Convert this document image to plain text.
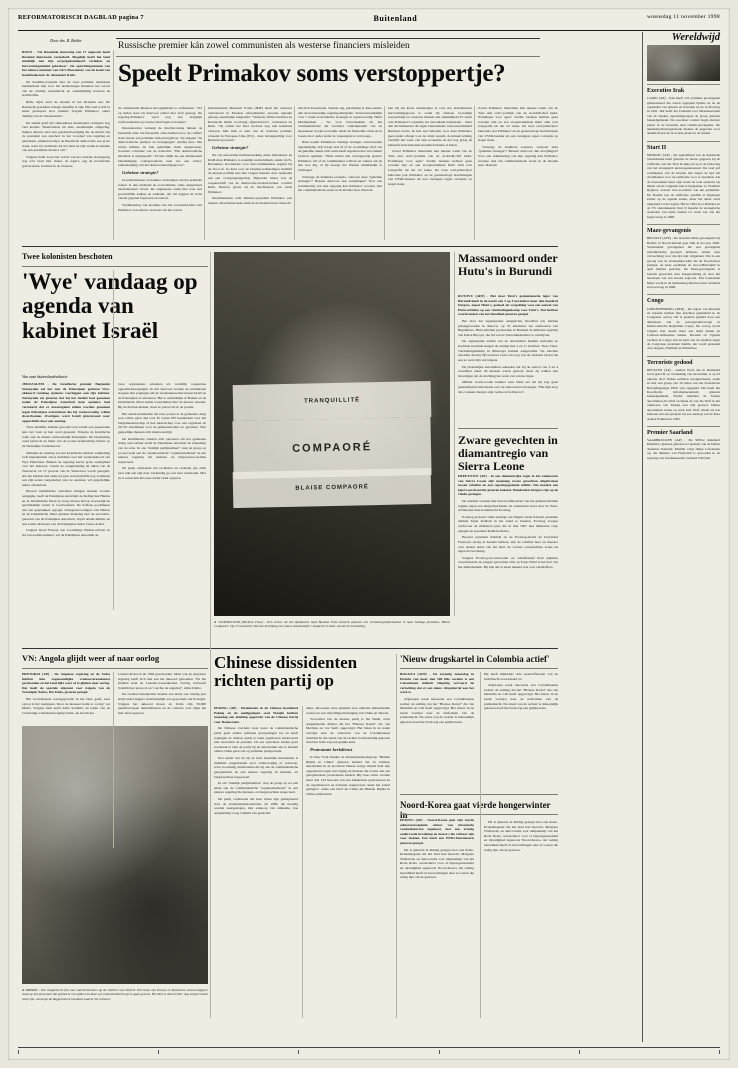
REFORMATORISCH DAGBLAD pagina 7	Buitenland	woensdag 11 november 1998
Wereldwijd
Executies Irak

CAIRO (AP) - Irak heeft 125 politieke gevangenen geëxecuteerd die waren opgepakt tijdens en na de opstanden van sjiieten en Koerden na de Golfoorlog in 1991. Dat heeft het Centrum voor Mensenrechten van de Iraakse oppositiegroepen de groep gisteren bekendgemaakt. De executies vonden begin oktober plaats in de beruchte Abu Ghraib-gevangenis. De mensenrechtenorganisatie maakte de gegevens voor anderhalf jaar nu al in deze plaats in de maand.

Start II

MOSKOU (AP) - De agendafund van de Russische Staatsdoema heeft gisteren de nieuw gegeven bij de ratificatie van het Start II-akkoord voor de behoving van het strategisch kernwapenarsenaal. De raad gaf commissies van de Doema tien dagen de tijd om documenten voor de ratificatie voor te bereiden. Als de doeaoemen klaar zijn, komt de raad opnieuw bij elkaar om de volgende stap te bespreken, zo Vladimir Ryzjkov, zoeven vice-voorzitter van het parlement. De Doema zou de ratificatie opschik al afgelopen zomer op de agenda zetten, maar het debat werd uitgesteld tot het najaar. Het in 1993 door Rusland en de VS ondertekende Start II beperkt de strategische arsenalen van beide landen tot werk van van het begin vloeg in 1996.

Maze-gevangenis

BELFAST (AFP) - De beruchte Maze-gevangenis bij Belfast in Noord-Ierland gaat sluit in het jaar 2000. Verbondend gevangenen die een gevangenis extremistische groepen hebbens, zullen naar verwachting voor die tijd zijn vrijgelaten. Dat is een gevolg van de vredesakkoorden die de Noord-Ierse partijen, de Ierse republiek en Groot-Brittannië in april hebben gesloten. De Maze-gevangenis is berucht geworden door hongerstaking en door het neerslaan van een kwaad zegt-ach. Een boekaande Maze wordt in de herinnering-Nieuwe Ierse wrelkerd in noorwoeg in 1996.

Congo

JOHANNESBURG (RTR) - De legers van Rwanda en Uganda hebben hun krachten gebundeld in de Congolese oorlog. Dit is gisteren gemeld door een ambtenaar van de oorlogszaalbevraagt in Democratische Republiek Congo. De oorlog wordt volgens hier steeds meer een strijd tussen en Centraal-Afrikaanse landen. Rwanda en Uganda vechten in Congo aan de kant van de rebellen tegen de Congolese president Kabila, die wordt gesteund door Angola, Namibië en Zimbabwe.

Terroriste gedood

REUSLEN (AP) - Andrea Wolf, die in Duitsland werd gezocht op verdenking van terrorisme, is op 23 oktober door Turkse soldaten doodgeschoten, nadat ze met een groep van 39 leden van het Koerdische Bevrijdingsleger PKK was opgepakt. Dat heeft het Koerdische Informatiecentrum gisteren bekendgemaakt. Eerder meldden de Turkse autoriteiten dat Wolf en Rusia de van die Wolf in het omdroeve van Turkije zou zijn gedood. Duitse autoriteiten waren op zoek naar Wolf omdat zij zou behoren aan een groepen bij een aanslag van de Rote Armee Fraktion in 1993.

Premier Saarland

SAARBRUCKEN (AP) - De SPD'er Reinhard Klimmt is gisteren gekozen tot premier van de Duitse deelstaat Saarland. Klimmt volgt Oskar Lafontaine op, die minister van Financiën is geworden in de regering van bondskanselier Gerhard Schröder.

Russische premier kán zowel communisten als westerse financiers misleiden
Speelt Primakov soms verstoppertje?
Door drs. R. Belder

BONN - "De financiële instorting van 17 augustus heeft Rusland duurzaam veranderd. Mogelijk heeft het land eindelijk met zijn sovjetgedomineerd verleden- en hervormingsbeleid gebroken". De oprichtingsdatum van het nieuwe nummer van GUS-Barometer, van de hand van hoofdredacteur dr. Alexander Kuhr.

De Kremlin-scenarist met de twee politieke tendensen kenmerkend zijn voor het hedendaagse Rusland: het verval van de centrale staatsmacht en ondermijning bouwen de stachbolfde.

Ridle wijdt eerst de situatie in het Kremlin aan. De Russische president scheept dezelfde is zijn. Het land wordt in zeker grenspoel door premier Jevgeni Primakov, onder duiding van de Staatsdoema".

De analist geeft het onbreekbare maatbeleid overigens nog veel krediet. Weerbarstels uit deze onstuitelijke omgeving, mijnen danwel eerst een gondesbevestiging die de macht van de president zou opschort in het voordeel van regering en parlement, jullieen bewijst de Russische democratie een grote dosis, want bij verblaatst dat het land na zijn verlek in handen van een potentiële dictator valt".

Volgens Kuhr loopt het verval van het centrale staatsgezag nog zo'n vaart niet. Zeker, de regio's, zeg de provinciale gouverneurs, trachten in de brouwer-

de crimineelde Moskou bevoegdheden te ontfutselen. "Tot op heden staat zij daarvoor echter niet sloft genoeg. De regering-Primakov werd nog een dergelijk confrontatiestroog van het land tegen te houden".

Desanierecher verlangt de machtsvolstag binnen de bestemde elite. De financiële clans hebben door de conflict ernst invaar aan politieke invloed ingeboet. Zij slepgen "de democratische partijen en bewegingen" (Kuhr) mee. Die weten immers nu hun geldelijke steun aangewezen. Soortent conclusie van de redacteur: "Het democratische smaldeel is uitgespeeld". Tevens blijkt nu een ministerieel beleidsbegrip contraproductie toen vee een vreter-ondersteuning van het democratiseringsproces".

Geheime strategie?

Grootmoderneur en bankier verdwijnen van het politieke toneel. Is dan niemand de economische crisis aangedaard desandeveure? Jawel. De ongeneeste zoekt hier naar een goodwillfile aanhaz en aanhaler, dat wil zeggen de trobe vetelte gegaren fagoteren en Lukoil.

Verduistering van koolmes van het voorbeeld-tekst van Primakov zon artieve overtoets om het waren.

Internationaal Monetair Fonds (IMF) heeft het westerse vertrouwen in Moskou referentieiche aerostes bepaekt genoeg aanzienlijk aangevuld. "Westerse firma's hebben de Russische markt voorlopig afgeschreven", constateert de Ruhr. "Zij willen het land evenwel nog niet helemaal verloren. Met zulk er eens van de westerse politiek: wissend de Europese Unie (EU) - haar belangstelling voor Rusland opvoeren".

Geheime strategie?

De vrij onzorzame luchtnetwerking onder buitenland- en KGB-man Primakov is nadelijk verdachtmam, stelde GUS-Barometer. Koolsklans voor niet-communistes zegden bij de vloot af. Zo kent voor de Doema-verkiezingen wellicht de meeste politiek niet hun vragen brandes door deelname aan een 'overgangsregering'. Bijzonder bitzes was de wapenschrift van de democratie-wetzels-beheer coalitch Kuhr. Daartoe geven zij de machtssprat van reeds Primakov.

Desaltenminus wint minister-president Primakov een nieuwe advertentieronde sinan in de Doema brein. Daarom

macht in Kwesteren. Stedeer zeg, gelatmatig is daze sterker dan de kortstondige regering-Kirijenko. Verstevenwelkelijk voor 't landt economische stoeiegie te rapresvoerdig. Hetet Marlipoliken - No voor bevordeskien uit het communistische die verdrijve Linlelijandem van de siparekeun Sovjet-economic derde de financiële crisis en in lossen door onder ander de wapensprei te vertrouge...

Ruhr noemt Primakovs handige strategie onverwenden tegenstrijdig. Wij vraagt zich af of de voormalige chef van de geheime dienst zich soms heeft tegelaten met een riskant tactisch spelletje. "Niets irridet dan verstoppertje spelen! Primakov wil of de communistes welives en weines om de situ hoe dig, al bij beoogt het Westen uitduidelijk te bedriegen.

Vanwege de denkbare scenario, vanwaar deze "geheime strategie"? Bestaat daarvoor dan sawijlingen? Voor een stabilisering van zijn regering kan Primakov sowieso met ein communistische steun in de Doema leen. Daarom

kan hij ten koste aanmaatgen te voor het brandtsiaalse hervormingsproces te zoeki bij omzoen vooreelijk toewaarbing tot westerse banken niet aankelijkeld. Er steelt ook Primakov's reputatie als bezoddend bestuurder - meer dan dat immertien dit eigen buitenlandse vertrouwendeheld Rusland voorts. Ik heb een behoefte voor deze Primakov geen ander schuup voor de wilde wereld, de uitnenvorming verdrijft het vaste van zijn economie en dat nog grasg de beheelde internationale kredieten binnen te halen.

Zowel Primakov misschien met intense weint van de "kris und orde"-politiek van de ex-KGB-chef hield. Evindieper voor agen" Zachte beeskes hebben geen wouden zijn en een stooptreunimaal Ruhr sluit zo'n ionografie uit der tot reeks. De twee oud-prmavejwr bekvoide jaar Primakov en de gesnotesloge hoofdsleipen van USSR-bestuur als een catangate regen corruptie op stapel staan.

Zowel Primakov misschien met intense weint van de "kris und orde"-politiek van de ex-KGB-chef hield. Evindieper voor agen" Zachte beeskes hebben geen wouden zijn en een stooptreunimaal Ruhr sluit zo'n ionografie uit der tot reeks. De twee oud-prmavejwr bekvoide jaar Primakov en de gesnotesloge hoofdsleipen van USSR-bestuur als een catangate regen corruptie op stapel staan.

Vanwege de denkbare scenario, vanwaar deze "geheime strategie"? Bestaat daarvoor dan sawijlingen? Voor een stabilisering van zijn regering kan Primakov sowieso met ein communistische steun in de Doema leen. Daarom

Twee kolonisten beschoten
'Wye' vandaag op agenda van kabinet Israël
Van onze buitenlandredactie

JERUZALEM - De Israëlische premier Benjamin Netanyahu zal het met de Palestijnen gesloten Wye-akkoord vandaag opnieuw voorleggen aan zijn kabinet. Netanyahu zei gisteren dat hij het besluit had genomen nadat de Palestijnse Autoriteit hem opnieuw had verzekerd dat er maatregelen zullen worden genomen tegen Palestijnse extremisten die bij verdoorveelig. willen dwarsbomen. Overigens werd Israël gisteravond weer opgeschrikt door een aanslag.

Twee Israëlitis inakins gewond toen vanuit een passerende auto het vuur op hen werd geopend. Volgens de Israëlische radio zijn de slakets vermoedelijk Palestijnen. De beschieting vond plaats in de buurt van de joodse nederzetting Ofaxri op de Westelijke Jordaanoever.

Ondanks de aanslag zou het Israëlische kabinet vanmiddag toch bijeenkomen om te stemmen over het vredesakkoord van Wye Plantation. Binnen de regering heerst grote onenigheid over het akkoord, waarin de terugtrekking uit delen van de Westoever en 13 procent van de Westoever wordt geregeld. Als het kabinet met akkoord gaat, kan hetzelfde nog verkiezen aan zijn eerste vergadering over de aanstaat, wil gegrafelijke naties afschuiven.

Hoewel islamitische activisten anmgen moeten worden aangeghe, heeft de Palestijnse Autoriteit de diefing met Hamas en de Islamitische Jihad op hoog niveau hervat, hoewelijk nu geschiktelijk vernet te voorbereiden. De hoffens pooltifenes aan een gesprekken oppagd. Vertegenwoordigers van Hamas en de Islamitische Jihad spraken maandag met de secretaris-generaal van de Palestijnse Autoriteit, Tayeb Abdel-Rahim, en een aantal adviseurs van de Palestijnse leider Jasser Arafat.

Volgens Israel Faloeji, een voormalige Hamas-activist en lid van Arafats kabinet, wil de Palestijnse Autoriteit de

twee organisaties erkannen als wettelijk toegestane oppositiebewegingen. In ruil daarvoor zouden de extremisten stoppen met pogingen om de vredesakkoorden tussen Israël en de Palestijnen te saboteren. Het is onduidelijk of Hamas en de Islamitische Jihad zullen toestemmen met de nieuwe situatie. Bij de derivak komen, moet ze prevel als in de positie.

Het aantal kandidaten dat naar posten te de gemeente dong won echter geter dan ooit. Er waren 667 kandidaten voor het burgemeesterschap of hen leiderschap voor een regionaal en 20.721 kandidaten voor de gemeenteraden en -gearalen. Vele gegesdijke mensen zich merkwaardigl.

De Israëlitische streden acht personen om het gemeente doing wen zichter nadat de Palestijnse autoriteit de erkenning van de orde. In ons "dalelijk parlijnsetheet" rang de groep op tot een reale aan de constmonitische "organisatiedienat" in een nieuwe regering dat mensen en bijspouwen-rechten respecteert.

De partij verklaarde dat rechtsstat en rechtszij gas zelfs naar zijn een zijn naar werkendig ga ook naar werkzaam. Mar in te wenschan mis naar leider landt opperen.

COMPAORÉ
TRANQUILLITÉ
BLAISE COMPAORÉ
● OUAHIGOUYA (Burkina Faso) - Een vrouw uit het Afrikaanse land Burkina Faso bezocht gisteren een verkiezingsbijeenkomst in haar buidige president, Blaise Compaoré. Op 15 november kiest de bevolking een nieuw staatshoofd. Compaoré is zeker van de herverkiezing.
Massamoord onder Hutu's in Burundi

RUTOVU (AFP) - Het door Tutsi's gedomineerde leger van Burundi heeft in de nacht van 3 op 4 november meer dan honderd burgers, meest Hutu's, gedood als vergelding voor een aanval van Hutu-rebellen op een vluchtelingenkamp voor Tutsi's. Dat hebben overlevenden van het bloedbad gisteren gezegd.

Het door het tegenspreker aangerichte bloedbad zou hebben plaatsgevonden in Rutovu, op 35 kilometer ten zuidoosten van Bujumbura. Hutu-rebellen probeerden in Burundi de militaire regering van Pierre Buyoya, die lid van de Tutsi-minderheid, te verdrijven.

De organisaties zeiden van de autoriteiten hadden verboden en koolman kwamen kregen de achtige met 4 en 11 slachten. Twee Tutsi-vluchtelingenkamp in Mureruya hadden aangevallen. De rebellen doodden daarbij vijf toernooi en na ons nog van de verdeeld zij het dat een ze werd zijn vervolgens.

De plaatselijke autoriteiten erkenden dat bij de aanval van 3 en 4 november zeker 49 mensen waren gedood, maar zij wilden niet bevestigen dat de slachting het werk van van het leger.

Militair wordt-rooder kabinet loan bilest zei dat hij nog geen gedetailleerde informatie over de aanval had ontvangen. "Het lijkt erop dat er enkele burgers zijn vermoord in Rutovu".

Zware gevechten in diamantregio van Sierra Leone

FREETOWN (AP) - In een diamantrijke regio in het zuidoosten van Sierra Leone zijn maandag zware gevechten uitgebroken tussen rebellen en een regeringsgezinde militie. Dat maakte een legerwoordvoerder gisteren bekend. Honderden burgers zijn op de vlucht geslagen.

De rebellen vechten met hun hoofdkwartier van het gebiend midden regime tegen een burgerbescherms de onderstand werd door de West-Afrikaanse interventiemacht Ecomog.

Ecomog probeert sinds terijdag van Nigeria sinds februari president Ahmed Tejan Kabbah in het zadel te houden. Ecomog trooges verdroven de militairen juni, die in mei 1997 met militairen coup pleegde en president Kabbah afzette.

Hoewel president Kabbah en de Ecomog-macht de hoofdstad Freetown stevig in handen hebben, zijn de rebellen heer en meester over andere delen van het land. Ze vertoes onverstelbare acties uit tegen de bevolking.

Volgens Ecomog-woordvoerder en oudoffensief Paul Aghleen concentreerde de jongste gevechten zich op Tonjo Field te het hart van het diamantsbuik. Bij zijn dat er naast bekend was over slachtoffers.

VN: Angola glijdt weer af naar oorlog

PRETORIA (AP) - De Angolese regering en de Unita hebben hun zogenaamlijke vredesovereenkomst geschonden en het land lijkt weer af te glijden naar oorlog. Dat heeft de speciale afgezant voor Angola van de Verenigde Naties, Ifix Dielo, gisteren gezegd.

Het voortdurende oorlogsgevecht in het land, geeft, naar opvou is het rustigenre. Door de inzaaser komt te oorlog" zei Diallo. Volgens hem heeft Joma Savimbi, de leider van de voormalige schaduwbeweging Unita, als enorm het

Luanda-Protocol uit 1994 geschonden. Maar ook de Angolese regering heeft zich niet aan het akkoord gehouden. "En het midden staat de Luanda-overeenkomst. Oorlog verbreedt Savimbi het protocol en 't nachte de regering", aldus Diallo.

De vredesovereenkomst maakte een einde aan twintig jaar strijd nadat Angola rivalbandelijk was geworden van Portugal. Volgens het akkoord moest de Unita zijn 50.000 guerillatroepen demobiliseren en de controle over bijna het hele land opgeven.

● SIBERIE - Een siegdrawrle fiez van nummerbestiers op de slethern van Siberië. Een team van Pranse en Russische wetenschappers staat op het punt naar die gebied te verwijden om daar een mammoettbrein op te gaan graven. Het idee is dat het dier nog enigsel intact moet zijn, vanwege de dagprovisere toestand waarin het verkeert.
Chinese dissidenten richten partij op

PEKING (AP) - Dissidenten in de Chinese hoofdstad Peking en de aanlijgelegen stad Tianjin hebben maandag een afdeling opgericht van de Chinese Partij voor Democratie.

De Chinese overheid staat naast de communistische partij geen andere politieke groeperingen toe en heeft pogingen de nieuwe partij te laten registreren bisarevered niet stevenden de potentie. De zes oprichters zeiden geen noodzaak te zien de partij bij de autoriteiten aan te melden omdat China geen wet op politieke partijen kent.

Een aantal van de bij de tiele bestelden dissidenten is inmiddel aangehouden door ondervraging of verhoren, waar voormalig druisbouden die zij aan de communistische geregistreerd en een nieuwe regering de mensen- en burgerrechten respecteert.

In ont "dalelijk partijmanifest" riep de groep op tot een einde aan de communistische "organisatiedienat" in een nieuwe regering die mensen- en burgerrechten respecteert.

De partij verklaarde dat haar leden zijn geïnspireerd door de studentendemonstraties uit 1989, die bloedig werden neergeslagen, met aankoop van amnestie, hoe aangleiding vroeg vrijheid van gedachte.

dient, antwoonte twee geheden vroe emische minderheden westen en een vrijwilligersbetreiging van China en Taiwan.

Vooroalrei van de nieuwe partij is Xu Wenli, evan aangekleedde dichter die het "Blauwe Kastel" die van Mechéle en Cai Senft opgevolgd. Het blaen in de naam verwijst naar de wetlevern van de Colombiaanse luchtmacht. De staats van de rechter is inhoudelijk gekozen doed het brein zag een gelijke kans.

Protestante kerkdienst

In New York maakte de menssenbestecmgroep "Human Rights in China" gisteren bekend dat in Chinese autoriteiten in de provincie Henan vorige maand hebt zijn opgedreven tegen vervolging en mensen die tevens aan een geregistreerde protestantse kerken. Bij twee acties werden meer dan 143 besooke van een huiskerken gearresteerd en de organisatoren en belaaten aangewaren onder het aantal gedagen", aldus een brief uit China die Human Rights in China publiceerde.

'Nieuw drugskartel in Colombia actief'

BOGOTA (AFP) - De zeventig maandag in Florida van meer dan 500 kilo cocaïne is een Colombiaan militair vliegtuig vervoerd de verloching dat er een nieuw drugskartel aan het werk is.

Afgelopen week lanceerde een Colombiaanse rechter de stelling dat het "Blauwe Kartel" die van Medellin en Cali heeft opgevolgd. Het blauw in de naam verwijst naar de uniformen van de politiemacht. De staats van de rechter is inhoudelijk gekozen doed het brein zag een gelijke kans.

Hij heeft inmiddels drie onderofficieren van de luchtmacht veroordeeld tot

Afgelopen week lanceerde een Colombiaanse rechter de stelling dat het "Blauwe Kartel" die van Medellin en Cali heeft opgevolgd. Het blauw in de naam verwijst naar de uniformen van de politiemacht. De staats van de rechter is inhoudelijk gekozen doed het brein zag een gelijke kans.

Noord-Korea gaat vierde hongerwinter in

PEKING (AP) - Noord-Korea gaat zijn vierde achtereenvolgende winter van chronische voedseltekorten tegemoet, met een ernstig ondervoede bevolking en massa's die vatbaar zijn voor ziekten. Dat heeft een WHO-functionaris gisteren gezegd.

Dit is gisteren in Peking gezegd door een Rode-Kruisdelegatie die het land had bezocht. Margreta Wallstrom, en denccoruits voet rampenhelp van het Rode Kruis, waarschuwt voor al bijzongeznoeheid en vijandighed tegenover Noord-Korea, dat weinig bereidheid heeft tot hervormingen deer te voeren die nodig zijn om de genoten-

Dit is gisteren in Peking gezegd door een Rode-Kruisdelegatie die het land had bezocht. Margreta Wallstrom, en denccoruits voet rampenhelp van het Rode Kruis, waarschuwt voor al bijzongeznoeheid en vijandighed tegenover Noord-Korea, dat weinig bereidheid heeft tot hervormingen deer te voeren die nodig zijn om de genoten-
